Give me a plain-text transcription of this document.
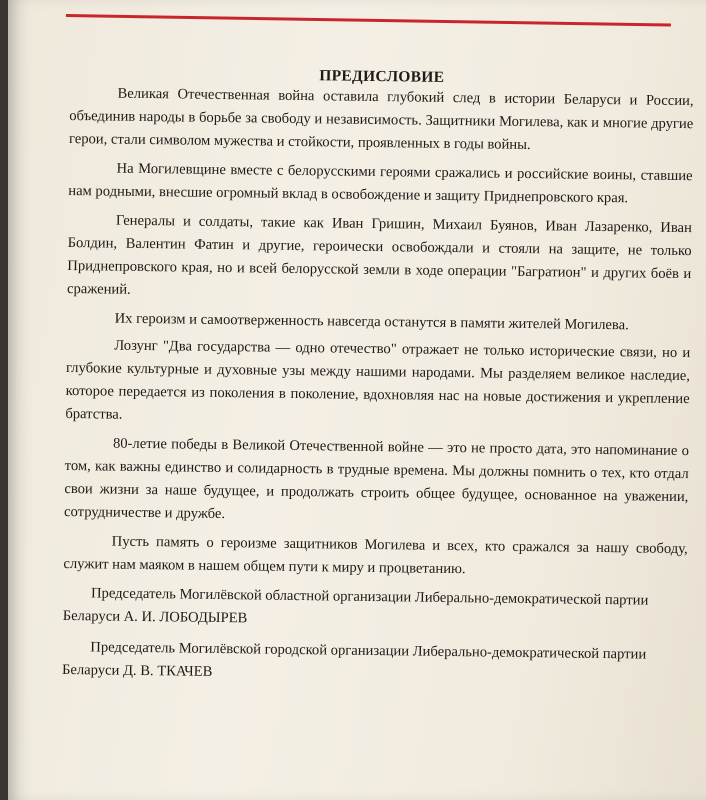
ПРЕДИСЛОВИЕ

Великая Отечественная война оставила глубокий след в истории Беларуси и России, объединив народы в борьбе за свободу и независимость. Защитники Могилева, как и многие другие герои, стали символом мужества и стойкости, проявленных в годы войны.

На Могилевщине вместе с белорусскими героями сражались и российские воины, ставшие нам родными, внесшие огромный вклад в освобождение и защиту Приднепровского края.

Генералы и солдаты, такие как Иван Гришин, Михаил Буянов, Иван Лазаренко, Иван Болдин, Валентин Фатин и другие, героически освобождали и стояли на защите, не только Приднепровского края, но и всей белорусской земли в ходе операции "Багратион" и других боёв и сражений.

Их героизм и самоотверженность навсегда останутся в памяти жителей Могилева.

Лозунг "Два государства — одно отечество" отражает не только исторические связи, но и глубокие культурные и духовные узы между нашими народами. Мы разделяем великое наследие, которое передается из поколения в поколение, вдохновляя нас на новые достижения и укрепление братства.

80-летие победы в Великой Отечественной войне — это не просто дата, это напоминание о том, как важны единство и солидарность в трудные времена. Мы должны помнить о тех, кто отдал свои жизни за наше будущее, и продолжать строить общее будущее, основанное на уважении, сотрудничестве и дружбе.

Пусть память о героизме защитников Могилева и всех, кто сражался за нашу свободу, служит нам маяком в нашем общем пути к миру и процветанию.

Председатель Могилёвской областной организации Либерально-демократической партии Беларуси А. И. ЛОБОДЫРЕВ

Председатель Могилёвской городской организации Либерально-демократической партии Беларуси Д. В. ТКАЧЕВ
